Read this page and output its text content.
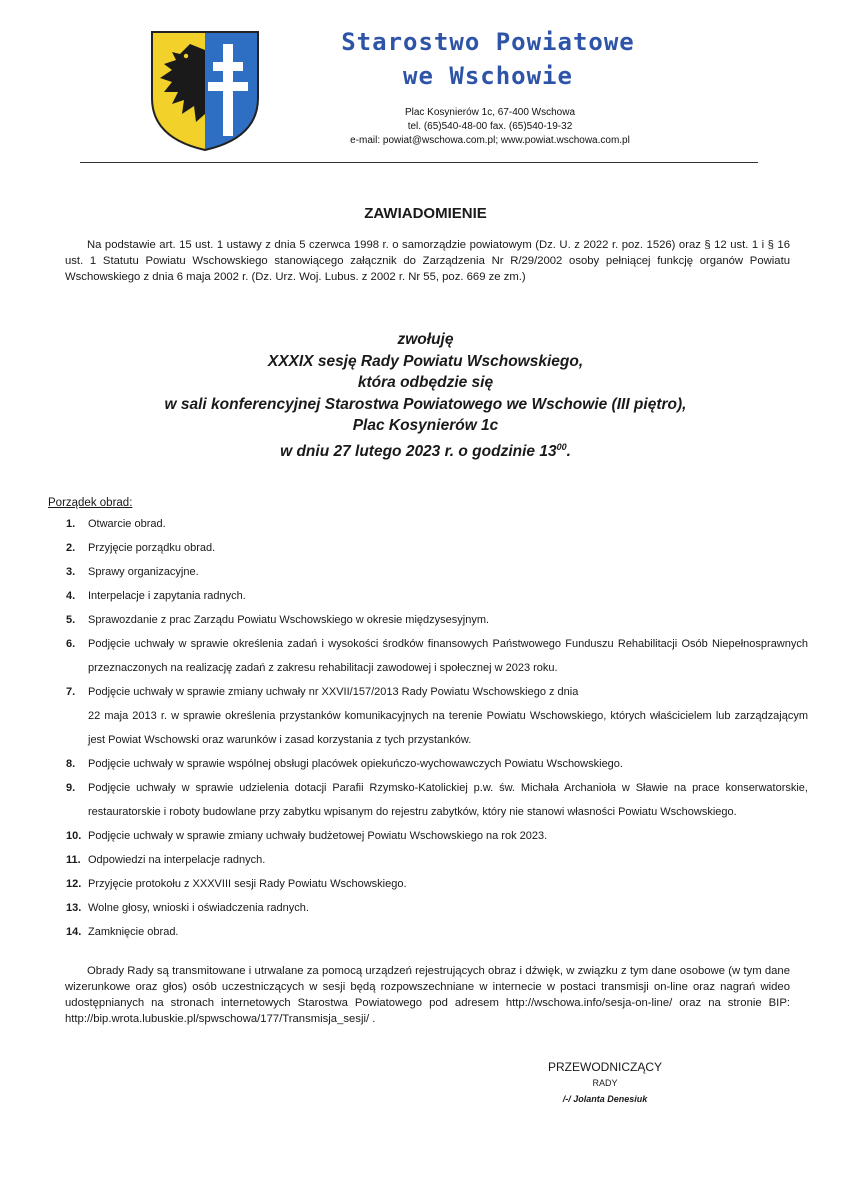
Starostwo Powiatowe
we Wschowie
Plac Kosynierów 1c, 67-400 Wschowa
tel. (65)540-48-00 fax. (65)540-19-32
e-mail: powiat@wschowa.com.pl; www.powiat.wschowa.com.pl
ZAWIADOMIENIE

Na podstawie art. 15 ust. 1 ustawy z dnia 5 czerwca 1998 r. o samorządzie powiatowym (Dz. U. z 2022 r. poz. 1526) oraz § 12 ust. 1 i § 16 ust. 1 Statutu Powiatu Wschowskiego stanowiącego załącznik do Zarządzenia Nr R/29/2002 osoby pełniącej funkcję organów Powiatu Wschowskiego z dnia 6 maja 2002 r. (Dz. Urz. Woj. Lubus. z 2002 r. Nr 55, poz. 669 ze zm.)

zwołuję
XXXIX sesję Rady Powiatu Wschowskiego,
która odbędzie się
w sali konferencyjnej Starostwa Powiatowego we Wschowie (III piętro),
Plac Kosynierów 1c
w dniu 27 lutego 2023 r. o godzinie $13^{00}$.
Porządek obrad:
1. Otwarcie obrad.
2. Przyjęcie porządku obrad.
3. Sprawy organizacyjne.
4. Interpelacje i zapytania radnych.
5. Sprawozdanie z prac Zarządu Powiatu Wschowskiego w okresie międzysesyjnym.
6. Podjęcie uchwały w sprawie określenia zadań i wysokości środków finansowych Państwowego Funduszu Rehabilitacji Osób Niepełnosprawnych przeznaczonych na realizację zadań z zakresu rehabilitacji zawodowej i społecznej w 2023 roku.
7. Podjęcie uchwały w sprawie zmiany uchwały nr XXVII/157/2013 Rady Powiatu Wschowskiego z dnia
22 maja 2013 r. w sprawie określenia przystanków komunikacyjnych na terenie Powiatu Wschowskiego, których właścicielem lub zarządzającym jest Powiat Wschowski oraz warunków i zasad korzystania z tych przystanków.
8. Podjęcie uchwały w sprawie wspólnej obsługi placówek opiekuńczo-wychowawczych Powiatu Wschowskiego.
9. Podjęcie uchwały w sprawie udzielenia dotacji Parafii Rzymsko-Katolickiej p.w. św. Michała Archanioła w Sławie na prace konserwatorskie, restauratorskie i roboty budowlane przy zabytku wpisanym do rejestru zabytków, który nie stanowi własności Powiatu Wschowskiego.
10. Podjęcie uchwały w sprawie zmiany uchwały budżetowej Powiatu Wschowskiego na rok 2023.
11. Odpowiedzi na interpelacje radnych.
12. Przyjęcie protokołu z XXXVIII sesji Rady Powiatu Wschowskiego.
13. Wolne głosy, wnioski i oświadczenia radnych.
14. Zamknięcie obrad.

Obrady Rady są transmitowane i utrwalane za pomocą urządzeń rejestrujących obraz i dźwięk, w związku z tym dane osobowe (w tym dane wizerunkowe oraz głos) osób uczestniczących w sesji będą rozpowszechniane w internecie w postaci transmisji on-line oraz nagrań wideo udostępnianych na stronach internetowych Starostwa Powiatowego pod adresem http://wschowa.info/sesja-on-line/ oraz na stronie BIP: http://bip.wrota.lubuskie.pl/spwschowa/177/Transmisja_sesji/ .

PRZEWODNICZĄCY
RADY
/-/ Jolanta Denesiuk
